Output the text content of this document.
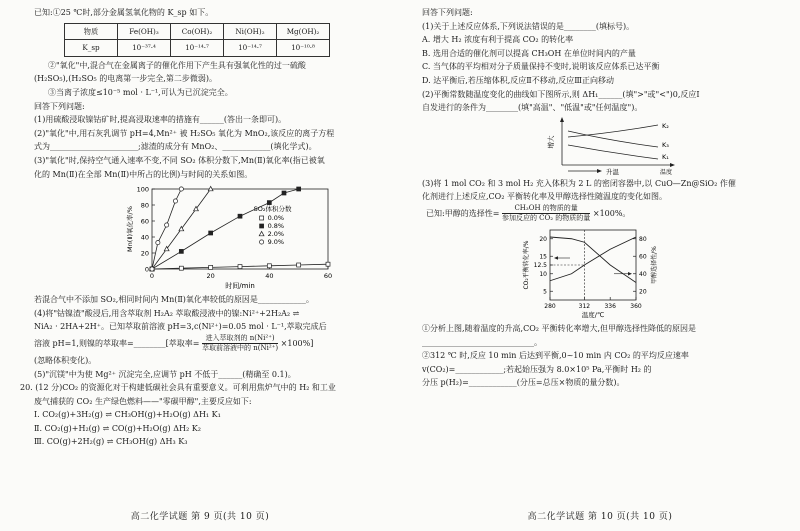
已知:①25 ℃时,部分金属氢氧化物的 K_sp 如下。

物质	Fe(OH)₃	Co(OH)₂	Ni(OH)₂	Mg(OH)₂
K_sp	10⁻³⁷·⁴	10⁻¹⁴·⁷	10⁻¹⁴·⁷	10⁻¹⁰·⁸

②"氧化"中,混合气在金属离子的催化作用下产生具有强氧化性的过一硫酸

(H₂SO₅),(H₂SO₅ 的电离第一步完全,第二步微弱)。

③当离子浓度≤10⁻⁵ mol · L⁻¹,可认为已沉淀完全。

回答下列问题:

(1)用硫酸浸取镍钴矿时,提高浸取速率的措施有______(答出一条即可)。

(2)"氧化"中,用石灰乳调节 pH=4,Mn²⁺ 被 H₂SO₅ 氧化为 MnO₂,该反应的离子方程

式为______________________;滤渣的成分有 MnO₂、____________(填化学式)。

(3)"氧化"时,保持空气通入速率不变,不同 SO₂ 体积分数下,Mn(Ⅱ)氧化率(指已被氧

化的 Mn(Ⅱ)在全部 Mn(Ⅱ)中所占的比例)与时间的关系如图。

0
20
40
60
80
100
0	20	40	60
时间/min
Mn(Ⅱ)氧化率/%	SO₂体积分数
0.0%
0.8%
2.0%
9.0%

若混合气中不添加 SO₂,相同时间内 Mn(Ⅱ)氧化率较低的原因是____________。

(4)将"钴镍渣"酸浸后,用含萃取剂 H₂A₂ 萃取酸浸液中的镍:Ni²⁺+2H₂A₂ ⇌

NiA₂ · 2HA+2H⁺。已知萃取前溶液 pH=3,c(Ni²⁺)=0.05 mol · L⁻¹,萃取完成后

溶液 pH=1,则镍的萃取率=________[萃取率= $\frac{\text{进入萃取剂的 n(Ni²⁺)}}{\text{萃取前溶液中的 n(Ni²⁺)}} \times 100\%$]

(忽略体积变化)。

(5)"沉镁"中为使 Mg²⁺ 沉淀完全,应调节 pH 不低于______(精确至 0.1)。

20. (12 分)CO₂ 的资源化对于构建低碳社会具有重要意义。可利用焦炉气中的 H₂ 和工业

废气捕获的 CO₂ 生产绿色燃料——"零碳甲醇",主要反应如下:

Ⅰ. CO₂(g)+3H₂(g) ⇌ CH₃OH(g)+H₂O(g) ΔH₁ K₁

Ⅱ. CO₂(g)+H₂(g) ⇌ CO(g)+H₂O(g) ΔH₂ K₂

Ⅲ. CO(g)+2H₂(g) ⇌ CH₃OH(g) ΔH₃ K₃

高二化学试题 第 9 页(共 10 页)

回答下列问题:

(1)关于上述反应体系,下列说法错误的是________(填标号)。

A. 增大 H₂ 浓度有利于提高 CO₂ 的转化率

B. 选用合适的催化剂可以提高 CH₃OH 在单位时间内的产量

C. 当气体的平均相对分子质量保持不变时,说明该反应体系已达平衡

D. 达平衡后,若压缩体积,反应Ⅱ不移动,反应Ⅲ正向移动

(2)平衡常数随温度变化的曲线如下图所示,则 ΔH₁______(填">"或"<")0,反应Ⅰ

自发进行的条件为________(填"高温"、"低温"或"任何温度")。

增大
升温	温度
K₂
K₃
K₁

(3)将 1 mol CO₂ 和 3 mol H₂ 充入体积为 2 L 的密闭容器中,以 CuO—Zn@SiO₂ 作催

化剂进行上述反应,CO₂ 平衡转化率及甲醇选择性随温度的变化如图。

已知:甲醇的选择性= $\frac{\text{CH₃OH 的物质的量}}{\text{参加反应的 CO₂ 的物质的量}} \times 100\%$。

280	312 336 360
温度/℃
5
10
12.5
15
20
20
40
60
80
CO₂平衡转化率/%	甲醇选择性/%

①分析上图,随着温度的升高,CO₂ 平衡转化率增大,但甲醇选择性降低的原因是

____________________________。

②312 ℃ 时,反应 10 min 后达到平衡,0~10 min 内 CO₂ 的平均反应速率

v(CO₂)=____________;若起始压强为 8.0×10⁵ Pa,平衡时 H₂ 的

分压 p(H₂)=____________(分压=总压×物质的量分数)。

高二化学试题 第 10 页(共 10 页)
